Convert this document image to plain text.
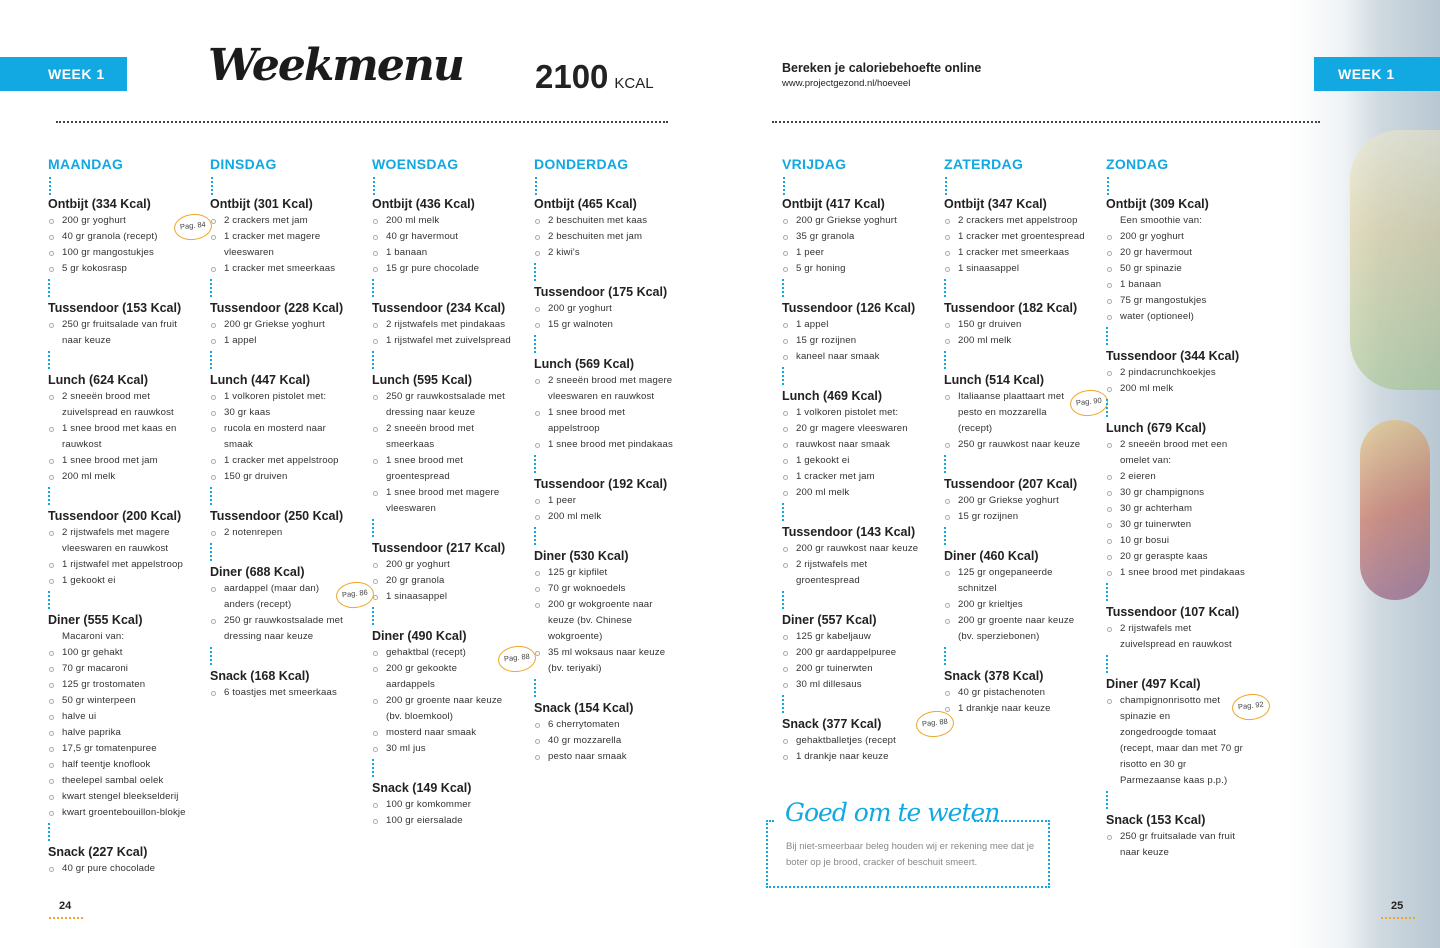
WEEK 1	WEEK 1
Weekmenu 2100 KCAL
Bereken je caloriebehoefte online
www.projectgezond.nl/hoeveel
MAANDAG
Ontbijt (334 Kcal)
Pag. 84
200 gr yoghurt
40 gr granola (recept)
100 gr mangostukjes
5 gr kokosrasp
Tussendoor (153 Kcal)
250 gr fruitsalade van fruit naar keuze
Lunch (624 Kcal)
2 sneeën brood met zuivelspread en rauwkost
1 snee brood met kaas en rauwkost
1 snee brood met jam
200 ml melk
Tussendoor (200 Kcal)
2 rijstwafels met magere vleeswaren en rauwkost
1 rijstwafel met appelstroop
1 gekookt ei
Diner (555 Kcal)
Macaroni van:
100 gr gehakt
70 gr macaroni
125 gr trostomaten
50 gr winterpeen
halve ui
halve paprika
17,5 gr tomatenpuree
half teentje knoflook
theelepel sambal oelek
kwart stengel bleekselderij
kwart groentebouillon-blokje
Snack (227 Kcal)
40 gr pure chocolade
DINSDAG
Ontbijt (301 Kcal)
2 crackers met jam
1 cracker met magere vleeswaren
1 cracker met smeerkaas
Tussendoor (228 Kcal)
200 gr Griekse yoghurt
1 appel
Lunch (447 Kcal)
1 volkoren pistolet met:
30 gr kaas
rucola en mosterd naar smaak
1 cracker met appelstroop
150 gr druiven
Tussendoor (250 Kcal)
2 notenrepen
Diner (688 Kcal)
Pag. 86
aardappel (maar dan) anders (recept)
250 gr rauwkostsalade met dressing naar keuze
Snack (168 Kcal)
6 toastjes met smeerkaas
WOENSDAG
Ontbijt (436 Kcal)
200 ml melk
40 gr havermout
1 banaan
15 gr pure chocolade
Tussendoor (234 Kcal)
2 rijstwafels met pindakaas
1 rijstwafel met zuivelspread
Lunch (595 Kcal)
250 gr rauwkostsalade met dressing naar keuze
2 sneeën brood met smeerkaas
1 snee brood met groentespread
1 snee brood met magere vleeswaren
Tussendoor (217 Kcal)
200 gr yoghurt
20 gr granola
1 sinaasappel
Diner (490 Kcal)
Pag. 88
gehaktbal (recept)
200 gr gekookte aardappels
200 gr groente naar keuze (bv. bloemkool)
mosterd naar smaak
30 ml jus
Snack (149 Kcal)
100 gr komkommer
100 gr eiersalade
DONDERDAG
Ontbijt (465 Kcal)
2 beschuiten met kaas
2 beschuiten met jam
2 kiwi's
Tussendoor (175 Kcal)
200 gr yoghurt
15 gr walnoten
Lunch (569 Kcal)
2 sneeën brood met magere vleeswaren en rauwkost
1 snee brood met appelstroop
1 snee brood met pindakaas
Tussendoor (192 Kcal)
1 peer
200 ml melk
Diner (530 Kcal)
125 gr kipfilet
70 gr woknoedels
200 gr wokgroente naar keuze (bv. Chinese wokgroente)
35 ml woksaus naar keuze (bv. teriyaki)
Snack (154 Kcal)
6 cherrytomaten
40 gr mozzarella
pesto naar smaak
VRIJDAG
Ontbijt (417 Kcal)
200 gr Griekse yoghurt
35 gr granola
1 peer
5 gr honing
Tussendoor (126 Kcal)
1 appel
15 gr rozijnen
kaneel naar smaak
Lunch (469 Kcal)
1 volkoren pistolet met:
20 gr magere vleeswaren
rauwkost naar smaak
1 gekookt ei
1 cracker met jam
200 ml melk
Tussendoor (143 Kcal)
200 gr rauwkost naar keuze
2 rijstwafels met groentespread
Diner (557 Kcal)
125 gr kabeljauw
200 gr aardappelpuree
200 gr tuinerwten
30 ml dillesaus
Pag. 88
Snack (377 Kcal)
gehaktballetjes (recept
1 drankje naar keuze
ZATERDAG
Ontbijt (347 Kcal)
2 crackers met appelstroop
1 cracker met groentespread
1 cracker met smeerkaas
1 sinaasappel
Tussendoor (182 Kcal)
150 gr druiven
200 ml melk
Lunch (514 Kcal)
Pag. 90
Italiaanse plaattaart met pesto en mozzarella (recept)
250 gr rauwkost naar keuze
Tussendoor (207 Kcal)
200 gr Griekse yoghurt
15 gr rozijnen
Diner (460 Kcal)
125 gr ongepaneerde schnitzel
200 gr krieltjes
200 gr groente naar keuze (bv. sperziebonen)
Snack (378 Kcal)
40 gr pistachenoten
1 drankje naar keuze
ZONDAG
Ontbijt (309 Kcal)
Een smoothie van:
200 gr yoghurt
20 gr havermout
50 gr spinazie
1 banaan
75 gr mangostukjes
water (optioneel)
Tussendoor (344 Kcal)
2 pindacrunchkoekjes
200 ml melk
Lunch (679 Kcal)
2 sneeën brood met een omelet van:
2 eieren
30 gr champignons
30 gr achterham
30 gr tuinerwten
10 gr bosui
20 gr geraspte kaas
1 snee brood met pindakaas
Tussendoor (107 Kcal)
2 rijstwafels met zuivelspread en rauwkost
Diner (497 Kcal)
Pag. 92
champignonrisotto met spinazie en zongedroogde tomaat (recept, maar dan met 70 gr risotto en 30 gr Parmezaanse kaas p.p.)
Snack (153 Kcal)
250 gr fruitsalade van fruit naar keuze
Goed om te weten
Bij niet-smeerbaar beleg houden wij er rekening mee dat je boter op je brood, cracker of beschuit smeert.
24	25
